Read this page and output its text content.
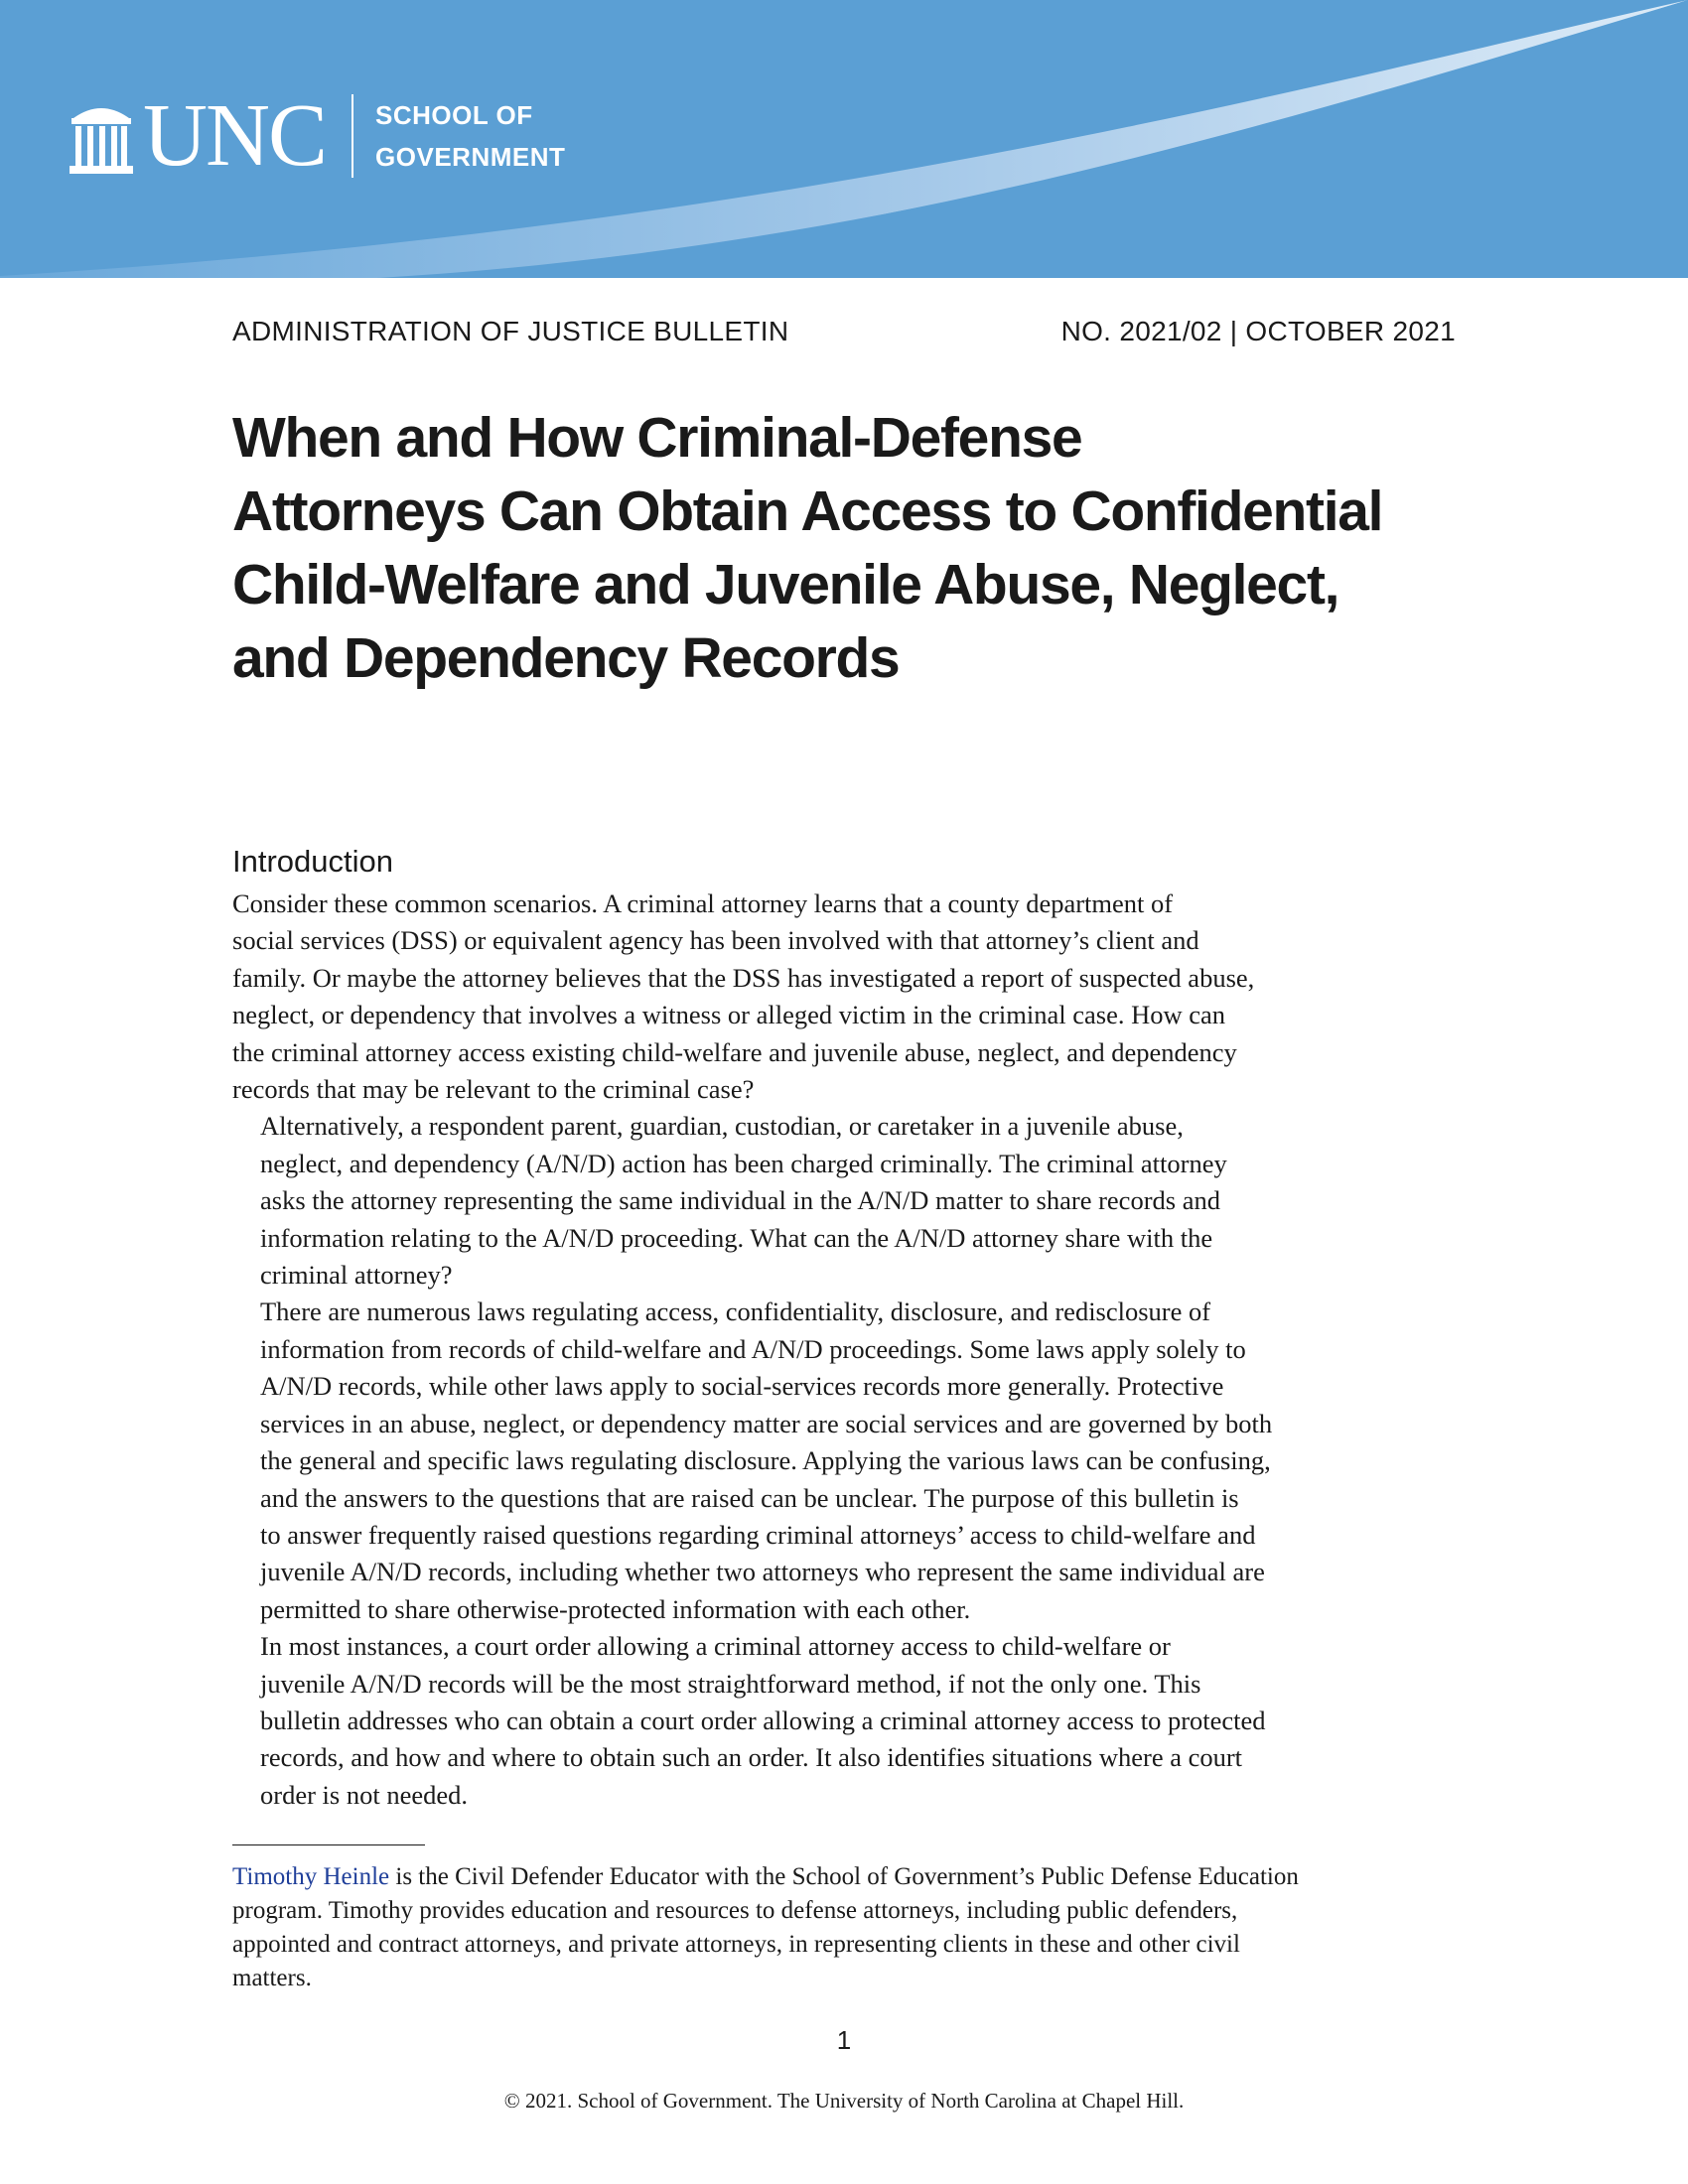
UNC SCHOOL OF
GOVERNMENT
ADMINISTRATION OF JUSTICE BULLETIN	NO. 2021/02 | OCTOBER 2021
When and How Criminal-Defense
Attorneys Can Obtain Access to Confidential
Child-Welfare and Juvenile Abuse, Neglect,
and Dependency Records
Introduction

Consider these common scenarios. A criminal attorney learns that a county department of
social services (DSS) or equivalent agency has been involved with that attorney’s client and
family. Or maybe the attorney believes that the DSS has investigated a report of suspected abuse,
neglect, or dependency that involves a witness or alleged victim in the criminal case. How can
the criminal attorney access existing child-welfare and juvenile abuse, neglect, and dependency
records that may be relevant to the criminal case?

Alternatively, a respondent parent, guardian, custodian, or caretaker in a juvenile abuse,
neglect, and dependency (A/N/D) action has been charged criminally. The criminal attorney
asks the attorney representing the same individual in the A/N/D matter to share records and
information relating to the A/N/D proceeding. What can the A/N/D attorney share with the
criminal attorney?

There are numerous laws regulating access, confidentiality, disclosure, and redisclosure of
information from records of child-welfare and A/N/D proceedings. Some laws apply solely to
A/N/D records, while other laws apply to social-services records more generally. Protective
services in an abuse, neglect, or dependency matter are social services and are governed by both
the general and specific laws regulating disclosure. Applying the various laws can be confusing,
and the answers to the questions that are raised can be unclear. The purpose of this bulletin is
to answer frequently raised questions regarding criminal attorneys’ access to child-welfare and
juvenile A/N/D records, including whether two attorneys who represent the same individual are
permitted to share otherwise-protected information with each other.

In most instances, a court order allowing a criminal attorney access to child-welfare or
juvenile A/N/D records will be the most straightforward method, if not the only one. This
bulletin addresses who can obtain a court order allowing a criminal attorney access to protected
records, and how and where to obtain such an order. It also identifies situations where a court
order is not needed.

Timothy Heinle is the Civil Defender Educator with the School of Government’s Public Defense Education
program. Timothy provides education and resources to defense attorneys, including public defenders,
appointed and contract attorneys, and private attorneys, in representing clients in these and other civil
matters.
1
© 2021. School of Government. The University of North Carolina at Chapel Hill.
